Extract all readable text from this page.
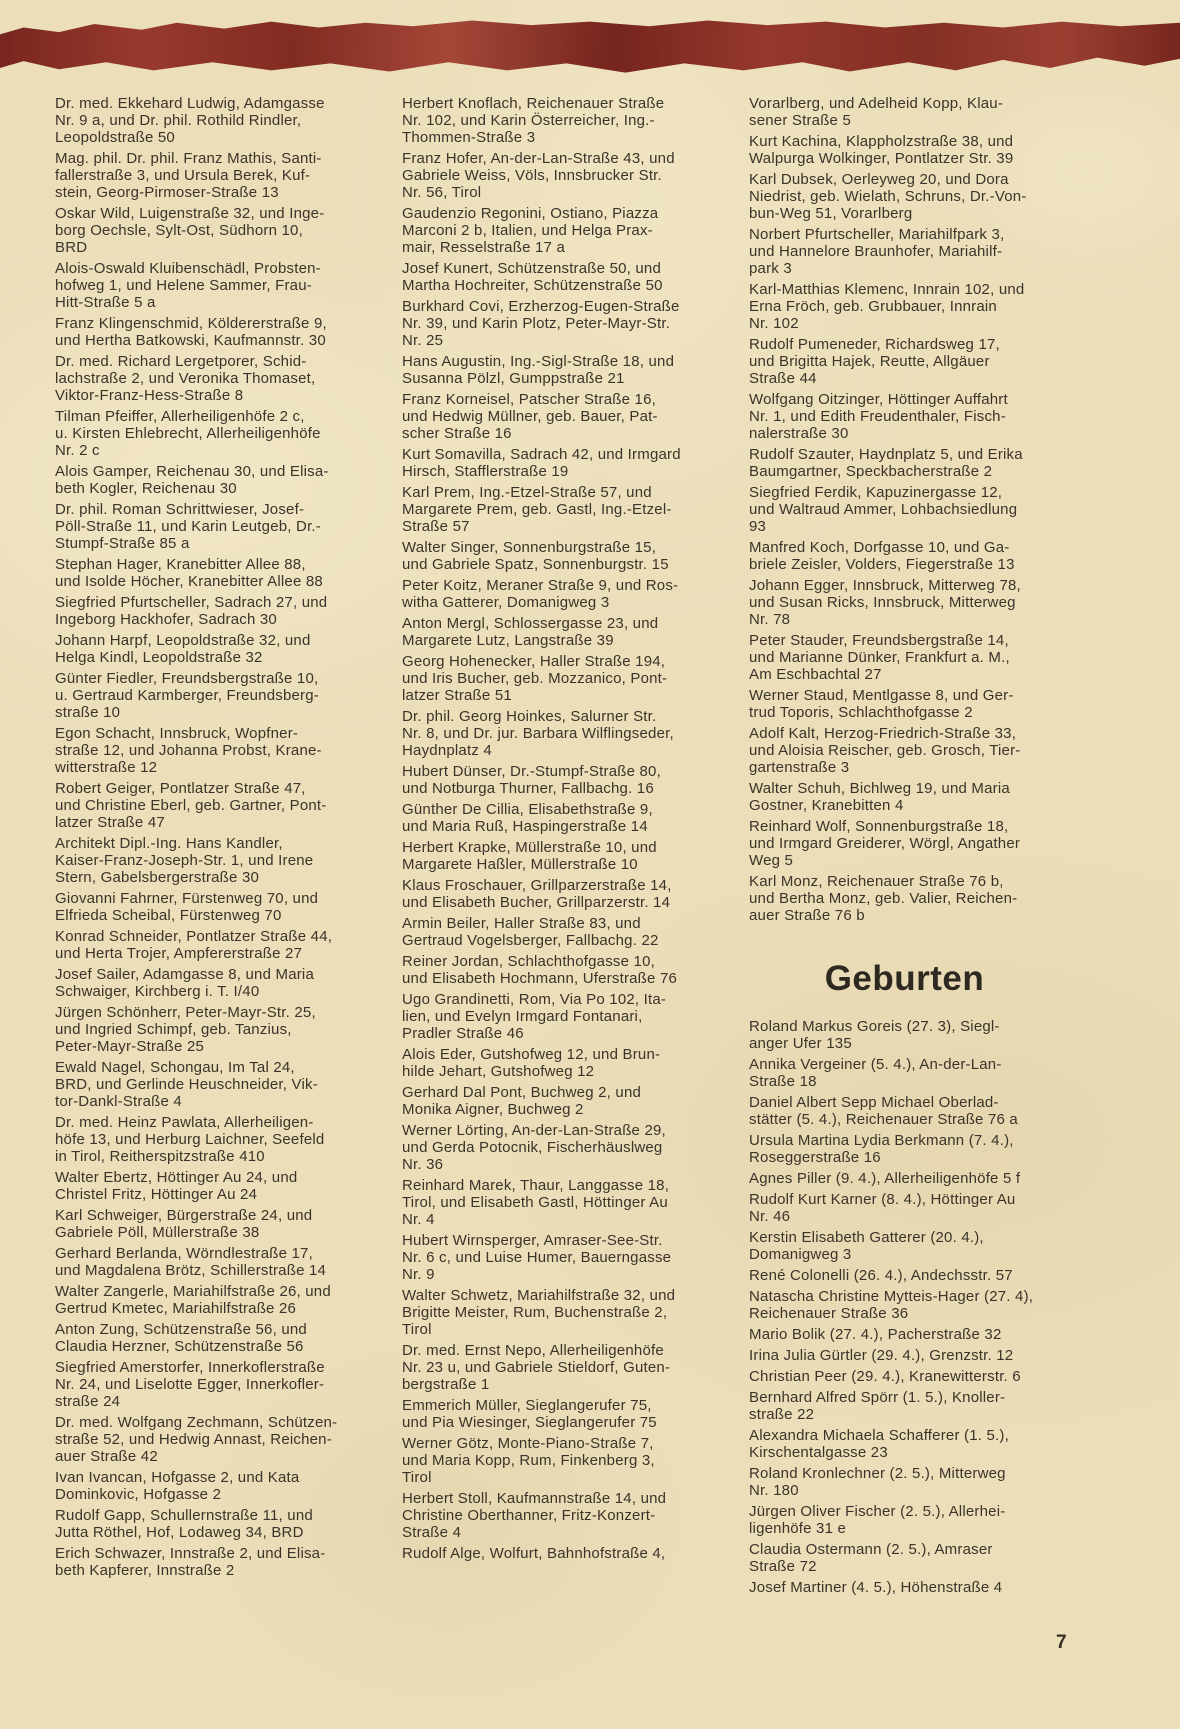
Dr. med. Ekkehard Ludwig, Adamgasse
Nr. 9 a, und Dr. phil. Rothild Rindler,
Leopoldstraße 50

Mag. phil. Dr. phil. Franz Mathis, Santi-
fallerstraße 3, und Ursula Berek, Kuf-
stein, Georg-Pirmoser-Straße 13

Oskar Wild, Luigenstraße 32, und Inge-
borg Oechsle, Sylt-Ost, Südhorn 10,
BRD

Alois-Oswald Kluibenschädl, Probsten-
hofweg 1, und Helene Sammer, Frau-
Hitt-Straße 5 a

Franz Klingenschmid, Köldererstraße 9,
und Hertha Batkowski, Kaufmannstr. 30

Dr. med. Richard Lergetporer, Schid-
lachstraße 2, und Veronika Thomaset,
Viktor-Franz-Hess-Straße 8

Tilman Pfeiffer, Allerheiligenhöfe 2 c,
u. Kirsten Ehlebrecht, Allerheiligenhöfe
Nr. 2 c

Alois Gamper, Reichenau 30, und Elisa-
beth Kogler, Reichenau 30

Dr. phil. Roman Schrittwieser, Josef-
Pöll-Straße 11, und Karin Leutgeb, Dr.-
Stumpf-Straße 85 a

Stephan Hager, Kranebitter Allee 88,
und Isolde Höcher, Kranebitter Allee 88

Siegfried Pfurtscheller, Sadrach 27, und
Ingeborg Hackhofer, Sadrach 30

Johann Harpf, Leopoldstraße 32, und
Helga Kindl, Leopoldstraße 32

Günter Fiedler, Freundsbergstraße 10,
u. Gertraud Karmberger, Freundsberg-
straße 10

Egon Schacht, Innsbruck, Wopfner-
straße 12, und Johanna Probst, Krane-
witterstraße 12

Robert Geiger, Pontlatzer Straße 47,
und Christine Eberl, geb. Gartner, Pont-
latzer Straße 47

Architekt Dipl.-Ing. Hans Kandler,
Kaiser-Franz-Joseph-Str. 1, und Irene
Stern, Gabelsbergerstraße 30

Giovanni Fahrner, Fürstenweg 70, und
Elfrieda Scheibal, Fürstenweg 70

Konrad Schneider, Pontlatzer Straße 44,
und Herta Trojer, Ampfererstraße 27

Josef Sailer, Adamgasse 8, und Maria
Schwaiger, Kirchberg i. T. I/40

Jürgen Schönherr, Peter-Mayr-Str. 25,
und Ingried Schimpf, geb. Tanzius,
Peter-Mayr-Straße 25

Ewald Nagel, Schongau, Im Tal 24,
BRD, und Gerlinde Heuschneider, Vik-
tor-Dankl-Straße 4

Dr. med. Heinz Pawlata, Allerheiligen-
höfe 13, und Herburg Laichner, Seefeld
in Tirol, Reitherspitzstraße 410

Walter Ebertz, Höttinger Au 24, und
Christel Fritz, Höttinger Au 24

Karl Schweiger, Bürgerstraße 24, und
Gabriele Pöll, Müllerstraße 38

Gerhard Berlanda, Wörndlestraße 17,
und Magdalena Brötz, Schillerstraße 14

Walter Zangerle, Mariahilfstraße 26, und
Gertrud Kmetec, Mariahilfstraße 26

Anton Zung, Schützenstraße 56, und
Claudia Herzner, Schützenstraße 56

Siegfried Amerstorfer, Innerkoflerstraße
Nr. 24, und Liselotte Egger, Innerkofler-
straße 24

Dr. med. Wolfgang Zechmann, Schützen-
straße 52, und Hedwig Annast, Reichen-
auer Straße 42

Ivan Ivancan, Hofgasse 2, und Kata
Dominkovic, Hofgasse 2

Rudolf Gapp, Schullernstraße 11, und
Jutta Röthel, Hof, Lodaweg 34, BRD

Erich Schwazer, Innstraße 2, und Elisa-
beth Kapferer, Innstraße 2

Herbert Knoflach, Reichenauer Straße
Nr. 102, und Karin Österreicher, Ing.-
Thommen-Straße 3

Franz Hofer, An-der-Lan-Straße 43, und
Gabriele Weiss, Völs, Innsbrucker Str.
Nr. 56, Tirol

Gaudenzio Regonini, Ostiano, Piazza
Marconi 2 b, Italien, und Helga Prax-
mair, Resselstraße 17 a

Josef Kunert, Schützenstraße 50, und
Martha Hochreiter, Schützenstraße 50

Burkhard Covi, Erzherzog-Eugen-Straße
Nr. 39, und Karin Plotz, Peter-Mayr-Str.
Nr. 25

Hans Augustin, Ing.-Sigl-Straße 18, und
Susanna Pölzl, Gumppstraße 21

Franz Korneisel, Patscher Straße 16,
und Hedwig Müllner, geb. Bauer, Pat-
scher Straße 16

Kurt Somavilla, Sadrach 42, und Irmgard
Hirsch, Stafflerstraße 19

Karl Prem, Ing.-Etzel-Straße 57, und
Margarete Prem, geb. Gastl, Ing.-Etzel-
Straße 57

Walter Singer, Sonnenburgstraße 15,
und Gabriele Spatz, Sonnenburgstr. 15

Peter Koitz, Meraner Straße 9, und Ros-
witha Gatterer, Domanigweg 3

Anton Mergl, Schlossergasse 23, und
Margarete Lutz, Langstraße 39

Georg Hohenecker, Haller Straße 194,
und Iris Bucher, geb. Mozzanico, Pont-
latzer Straße 51

Dr. phil. Georg Hoinkes, Salurner Str.
Nr. 8, und Dr. jur. Barbara Wilflingseder,
Haydnplatz 4

Hubert Dünser, Dr.-Stumpf-Straße 80,
und Notburga Thurner, Fallbachg. 16

Günther De Cillia, Elisabethstraße 9,
und Maria Ruß, Haspingerstraße 14

Herbert Krapke, Müllerstraße 10, und
Margarete Haßler, Müllerstraße 10

Klaus Froschauer, Grillparzerstraße 14,
und Elisabeth Bucher, Grillparzerstr. 14

Armin Beiler, Haller Straße 83, und
Gertraud Vogelsberger, Fallbachg. 22

Reiner Jordan, Schlachthofgasse 10,
und Elisabeth Hochmann, Uferstraße 76

Ugo Grandinetti, Rom, Via Po 102, Ita-
lien, und Evelyn Irmgard Fontanari,
Pradler Straße 46

Alois Eder, Gutshofweg 12, und Brun-
hilde Jehart, Gutshofweg 12

Gerhard Dal Pont, Buchweg 2, und
Monika Aigner, Buchweg 2

Werner Lörting, An-der-Lan-Straße 29,
und Gerda Potocnik, Fischerhäuslweg
Nr. 36

Reinhard Marek, Thaur, Langgasse 18,
Tirol, und Elisabeth Gastl, Höttinger Au
Nr. 4

Hubert Wirnsperger, Amraser-See-Str.
Nr. 6 c, und Luise Humer, Bauerngasse
Nr. 9

Walter Schwetz, Mariahilfstraße 32, und
Brigitte Meister, Rum, Buchenstraße 2,
Tirol

Dr. med. Ernst Nepo, Allerheiligenhöfe
Nr. 23 u, und Gabriele Stieldorf, Guten-
bergstraße 1

Emmerich Müller, Sieglangerufer 75,
und Pia Wiesinger, Sieglangerufer 75

Werner Götz, Monte-Piano-Straße 7,
und Maria Kopp, Rum, Finkenberg 3,
Tirol

Herbert Stoll, Kaufmannstraße 14, und
Christine Oberthanner, Fritz-Konzert-
Straße 4

Rudolf Alge, Wolfurt, Bahnhofstraße 4,

Vorarlberg, und Adelheid Kopp, Klau-
sener Straße 5

Kurt Kachina, Klappholzstraße 38, und
Walpurga Wolkinger, Pontlatzer Str. 39

Karl Dubsek, Oerleyweg 20, und Dora
Niedrist, geb. Wielath, Schruns, Dr.-Von-
bun-Weg 51, Vorarlberg

Norbert Pfurtscheller, Mariahilfpark 3,
und Hannelore Braunhofer, Mariahilf-
park 3

Karl-Matthias Klemenc, Innrain 102, und
Erna Fröch, geb. Grubbauer, Innrain
Nr. 102

Rudolf Pumeneder, Richardsweg 17,
und Brigitta Hajek, Reutte, Allgäuer
Straße 44

Wolfgang Oitzinger, Höttinger Auffahrt
Nr. 1, und Edith Freudenthaler, Fisch-
nalerstraße 30

Rudolf Szauter, Haydnplatz 5, und Erika
Baumgartner, Speckbacherstraße 2

Siegfried Ferdik, Kapuzinergasse 12,
und Waltraud Ammer, Lohbachsiedlung
93

Manfred Koch, Dorfgasse 10, und Ga-
briele Zeisler, Volders, Fiegerstraße 13

Johann Egger, Innsbruck, Mitterweg 78,
und Susan Ricks, Innsbruck, Mitterweg
Nr. 78

Peter Stauder, Freundsbergstraße 14,
und Marianne Dünker, Frankfurt a. M.,
Am Eschbachtal 27

Werner Staud, Mentlgasse 8, und Ger-
trud Toporis, Schlachthofgasse 2

Adolf Kalt, Herzog-Friedrich-Straße 33,
und Aloisia Reischer, geb. Grosch, Tier-
gartenstraße 3

Walter Schuh, Bichlweg 19, und Maria
Gostner, Kranebitten 4

Reinhard Wolf, Sonnenburgstraße 18,
und Irmgard Greiderer, Wörgl, Angather
Weg 5

Karl Monz, Reichenauer Straße 76 b,
und Bertha Monz, geb. Valier, Reichen-
auer Straße 76 b

Geburten

Roland Markus Goreis (27. 3), Siegl-
anger Ufer 135

Annika Vergeiner (5. 4.), An-der-Lan-
Straße 18

Daniel Albert Sepp Michael Oberlad-
stätter (5. 4.), Reichenauer Straße 76 a

Ursula Martina Lydia Berkmann (7. 4.),
Roseggerstraße 16

Agnes Piller (9. 4.), Allerheiligenhöfe 5 f

Rudolf Kurt Karner (8. 4.), Höttinger Au
Nr. 46

Kerstin Elisabeth Gatterer (20. 4.),
Domanigweg 3

René Colonelli (26. 4.), Andechsstr. 57

Natascha Christine Mytteis-Hager (27. 4),
Reichenauer Straße 36

Mario Bolik (27. 4.), Pacherstraße 32

Irina Julia Gürtler (29. 4.), Grenzstr. 12

Christian Peer (29. 4.), Kranewitterstr. 6

Bernhard Alfred Spörr (1. 5.), Knoller-
straße 22

Alexandra Michaela Schafferer (1. 5.),
Kirschentalgasse 23

Roland Kronlechner (2. 5.), Mitterweg
Nr. 180

Jürgen Oliver Fischer (2. 5.), Allerhei-
ligenhöfe 31 e

Claudia Ostermann (2. 5.), Amraser
Straße 72

Josef Martiner (4. 5.), Höhenstraße 4

7
